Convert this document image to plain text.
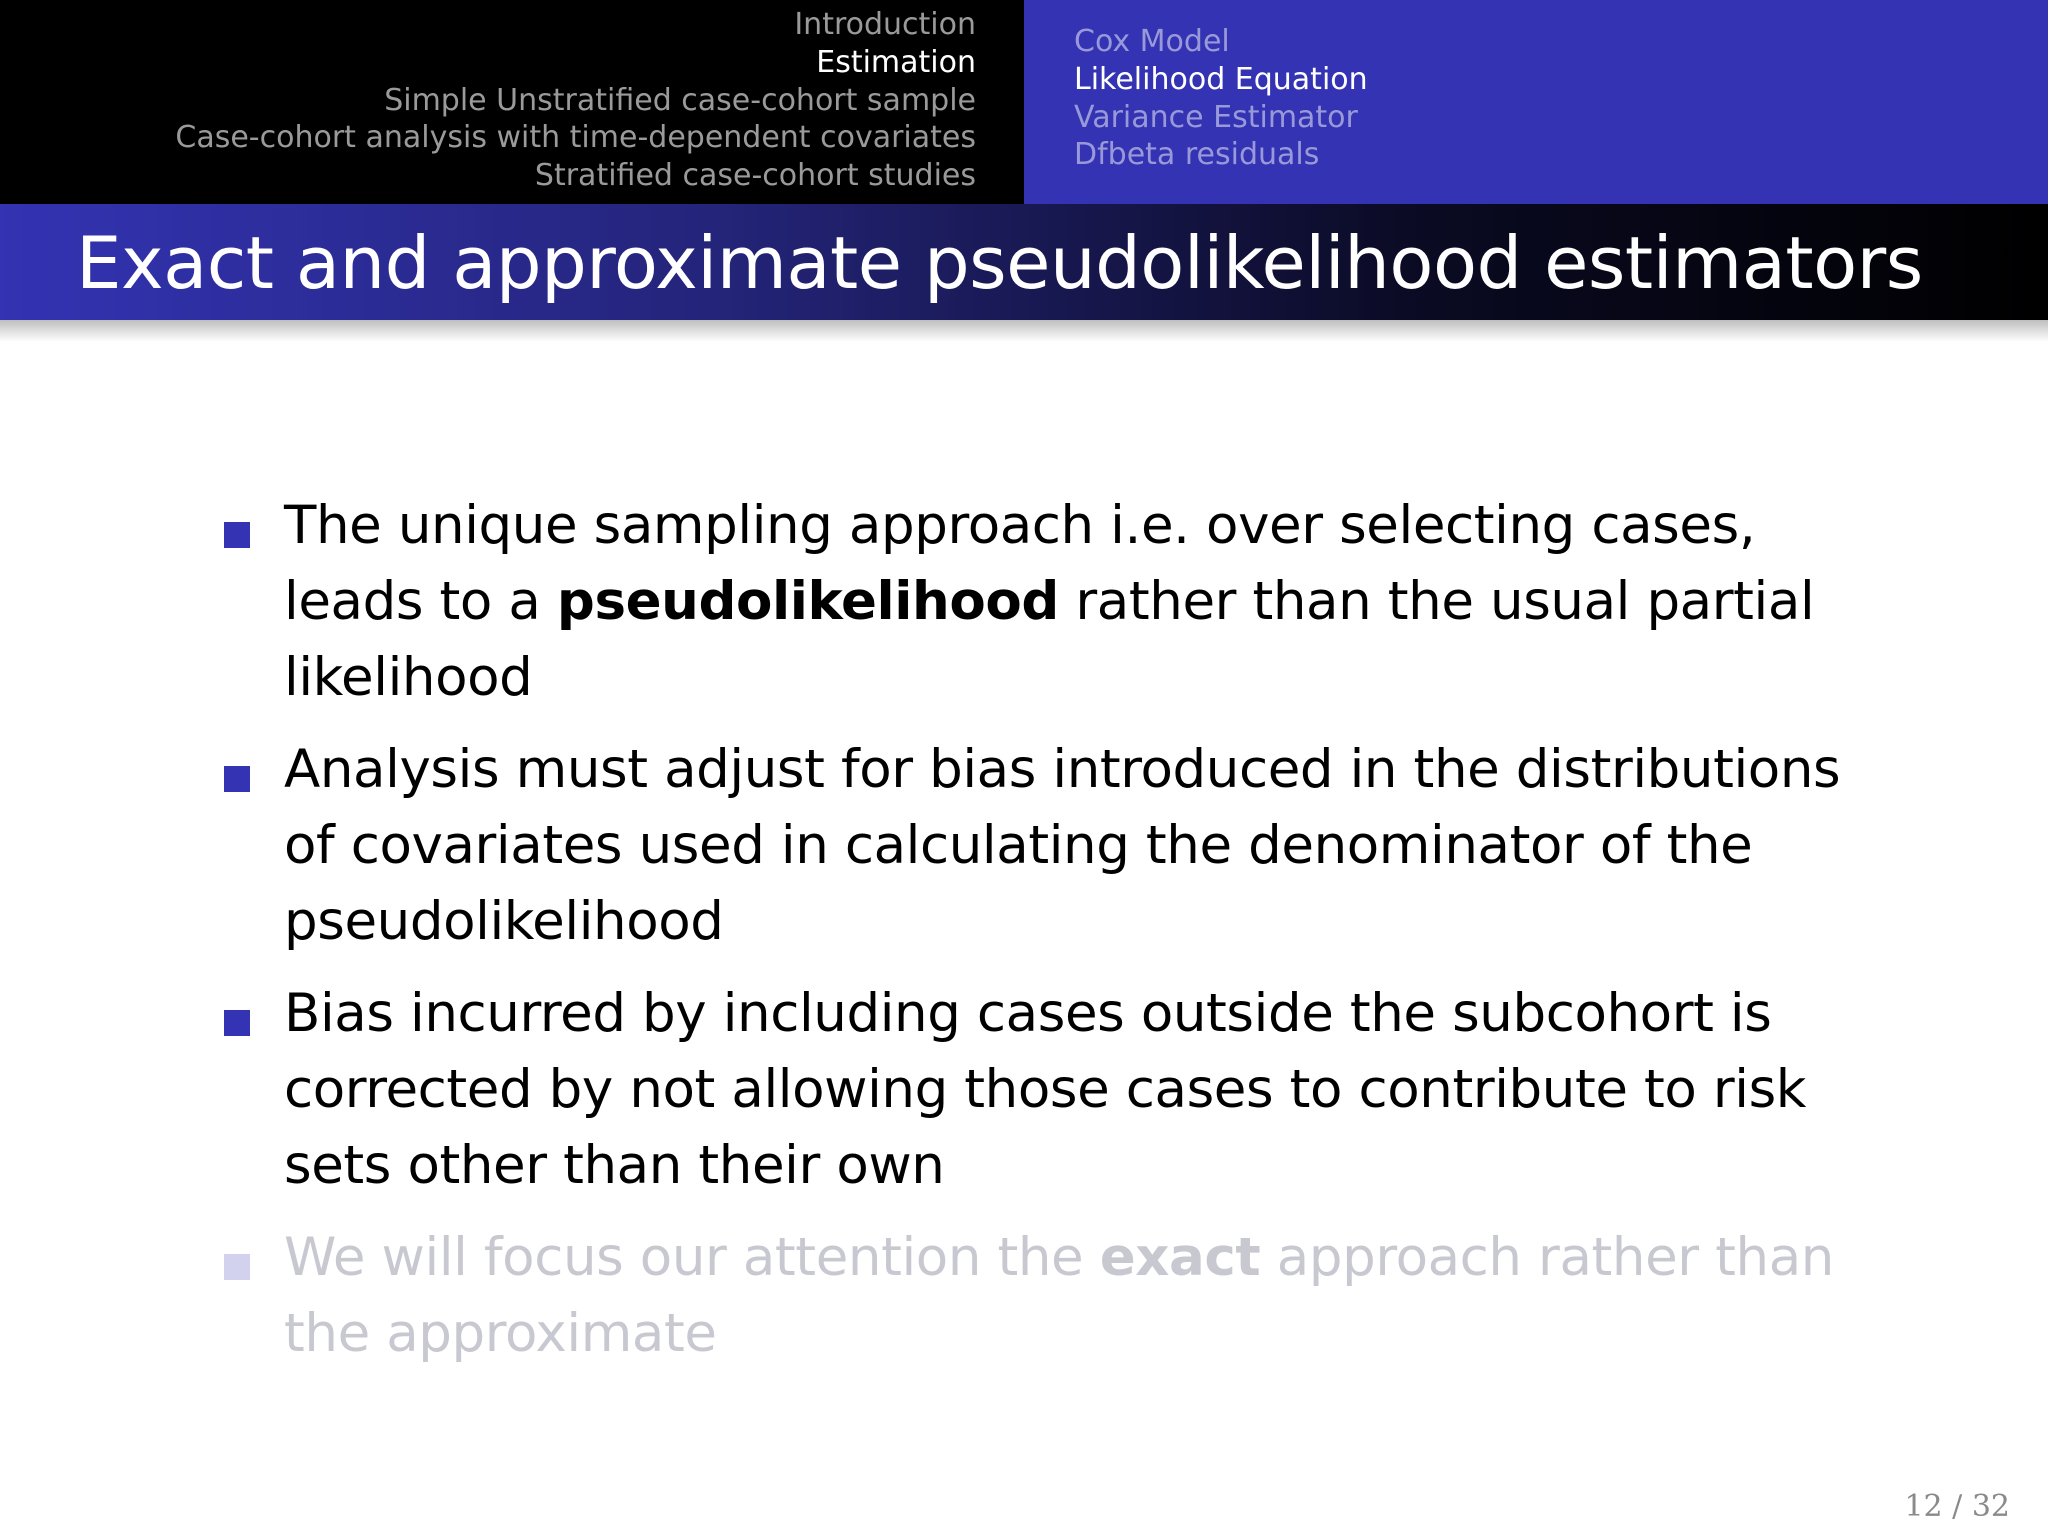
Introduction
Estimation
Simple Unstratified case-cohort sample
Case-cohort analysis with time-dependent covariates
Stratified case-cohort studies
Cox Model
Likelihood Equation
Variance Estimator
Dfbeta residuals
Exact and approximate pseudolikelihood estimators
The unique sampling approach i.e. over selecting cases, leads to a pseudolikelihood rather than the usual partial likelihood
Analysis must adjust for bias introduced in the distributions of covariates used in calculating the denominator of the pseudolikelihood
Bias incurred by including cases outside the subcohort is corrected by not allowing those cases to contribute to risk sets other than their own
We will focus our attention the exact approach rather than the approximate
12 / 32
